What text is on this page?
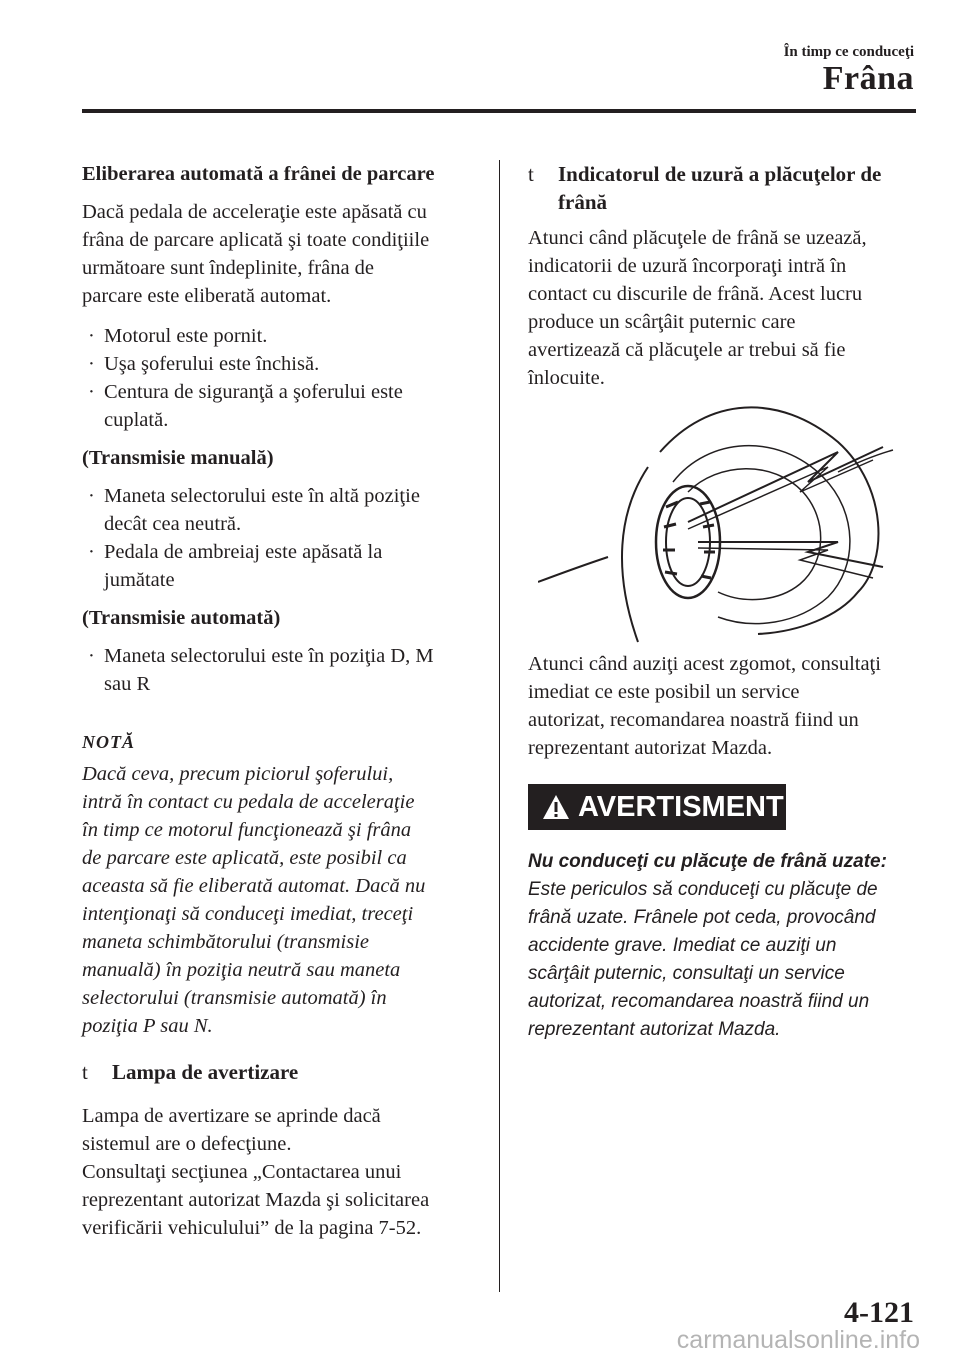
În timp ce conduceţi
Frâna

Eliberarea automată a frânei de parcare

Dacă pedala de acceleraţie este apăsată cu
frâna de parcare aplicată şi toate condiţiile
următoare sunt îndeplinite, frâna de
parcare este eliberată automat.
· Motorul este pornit.
· Uşa şoferului este închisă.
· Centura de siguranţă a şoferului este
cuplată.

(Transmisie manuală)

· Maneta selectorului este în altă poziţie
decât cea neutră.
· Pedala de ambreiaj este apăsată la
jumătate

(Transmisie automată)

· Maneta selectorului este în poziţia D, M
sau R

NOTĂ

Dacă ceva, precum piciorul şoferului,
intră în contact cu pedala de acceleraţie
în timp ce motorul funcţionează şi frâna
de parcare este aplicată, este posibil ca
aceasta să fie eliberată automat. Dacă nu
intenţionaţi să conduceţi imediat, treceţi
maneta schimbătorului (transmisie
manuală) în poziţia neutră sau maneta
selectorului (transmisie automată) în
poziţia P sau N.
t Lampa de avertizare
Lampa de avertizare se aprinde dacă
sistemul are o defecţiune.
Consultaţi secţiunea „Contactarea unui
reprezentant autorizat Mazda şi solicitarea
verificării vehiculului” de la pagina 7-52.
t Indicatorul de uzură a plăcuţelor de
frână
Atunci când plăcuţele de frână se uzează,
indicatorii de uzură încorporaţi intră în
contact cu discurile de frână. Acest lucru
produce un scârţâit puternic care
avertizează că plăcuţele ar trebui să fie
înlocuite.
Atunci când auziţi acest zgomot, consultaţi
imediat ce este posibil un service
autorizat, recomandarea noastră fiind un
reprezentant autorizat Mazda.
AVERTISMENT
Nu conduceţi cu plăcuţe de frână uzate:
Este periculos să conduceţi cu plăcuţe de
frână uzate. Frânele pot ceda, provocând
accidente grave. Imediat ce auziţi un
scârţâit puternic, consultaţi un service
autorizat, recomandarea noastră fiind un
reprezentant autorizat Mazda.
4-121
carmanualsonline.info
